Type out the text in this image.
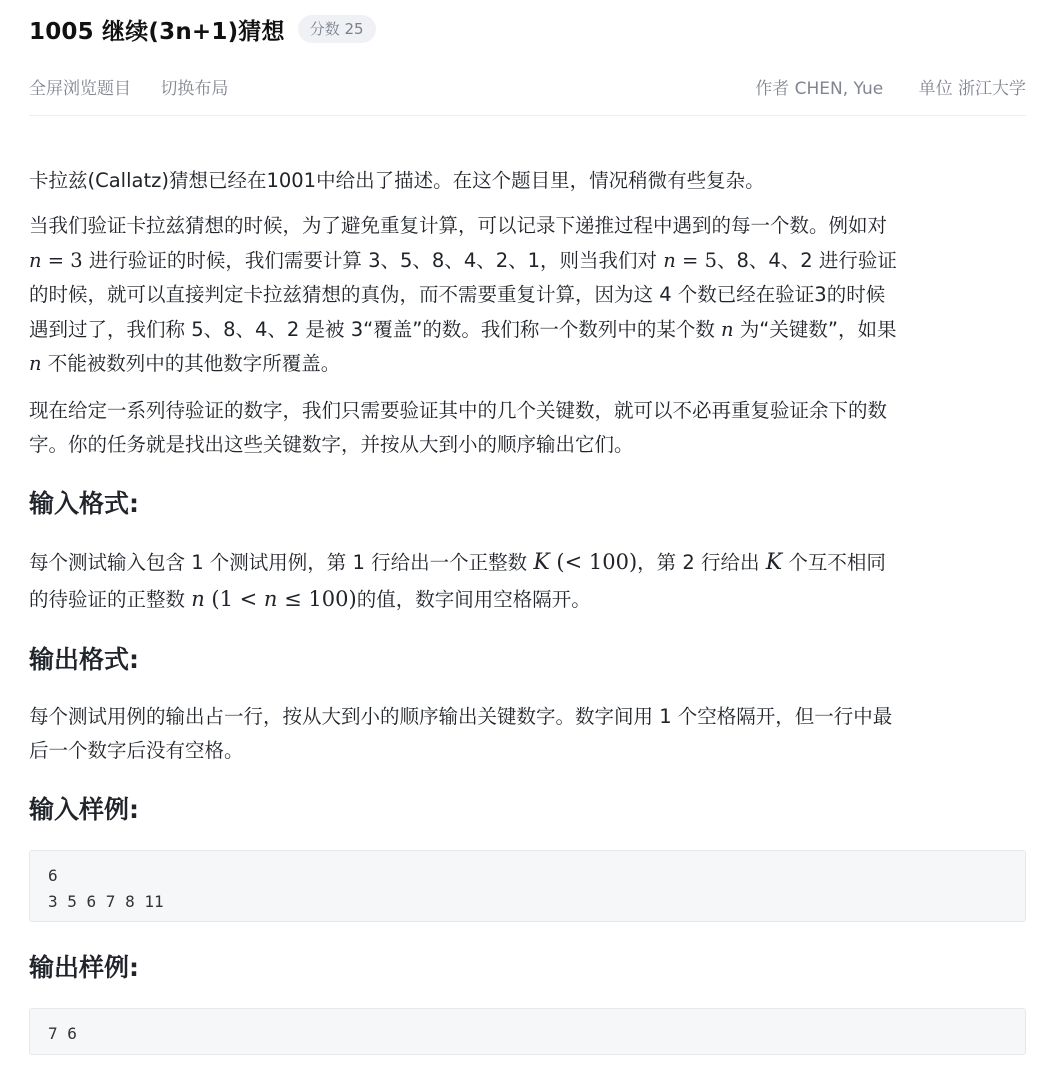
1005 继续(3n+1)猜想	分数 25
全屏浏览题目 切换布局	作者 CHEN, Yue 单位 浙江大学
卡拉兹(Callatz)猜想已经在1001中给出了描述。在这个题目里，情况稍微有些复杂。
当我们验证卡拉兹猜想的时候，为了避免重复计算，可以记录下递推过程中遇到的每一个数。例如对
n = 3 进行验证的时候，我们需要计算 3、5、8、4、2、1，则当我们对 n = 5、8、4、2 进行验证
的时候，就可以直接判定卡拉兹猜想的真伪，而不需要重复计算，因为这 4 个数已经在验证3的时候
遇到过了，我们称 5、8、4、2 是被 3“覆盖”的数。我们称一个数列中的某个数 n 为“关键数”，如果
n 不能被数列中的其他数字所覆盖。
现在给定一系列待验证的数字，我们只需要验证其中的几个关键数，就可以不必再重复验证余下的数
字。你的任务就是找出这些关键数字，并按从大到小的顺序输出它们。
输入格式:
每个测试输入包含 1 个测试用例，第 1 行给出一个正整数 K (< 100)，第 2 行给出 K 个互不相同
的待验证的正整数 n (1 < n ≤ 100)的值，数字间用空格隔开。
输出格式:
每个测试用例的输出占一行，按从大到小的顺序输出关键数字。数字间用 1 个空格隔开，但一行中最
后一个数字后没有空格。
输入样例:
6
3 5 6 7 8 11
输出样例:
7 6
